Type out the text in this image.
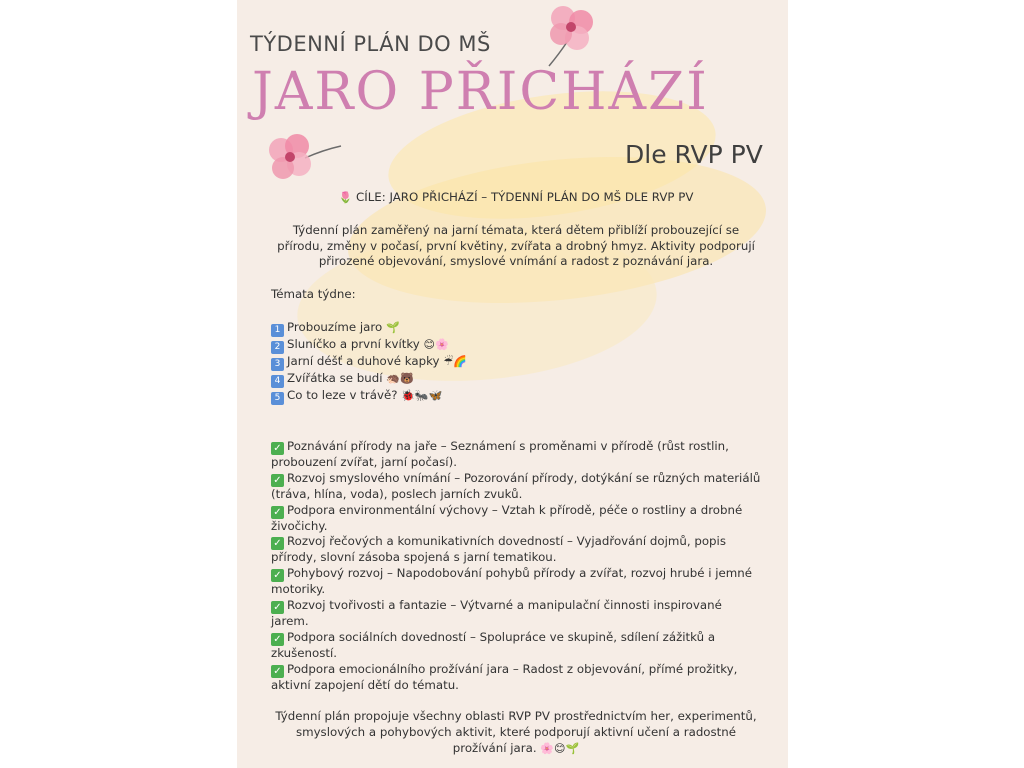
TÝDENNÍ PLÁN DO MŠ
JARO PŘICHÁZÍ
Dle RVP PV
🌷 CÍLE: JARO PŘICHÁZÍ – TÝDENNÍ PLÁN DO MŠ DLE RVP PV
Týdenní plán zaměřený na jarní témata, která dětem přiblíží probouzející se přírodu, změny v počasí, první květiny, zvířata a drobný hmyz. Aktivity podporují přirozené objevování, smyslové vnímání a radost z poznávání jara.
Témata týdne:
1 Probouzíme jaro 🌱
2 Sluníčko a první kvítky 😊🌸
3 Jarní déšť a duhové kapky ☔🌈
4 Zvířátka se budí 🦔🐻
5 Co to leze v trávě? 🐞🐜🦋

✓ Poznávání přírody na jaře – Seznámení s proměnami v přírodě (růst rostlin, probouzení zvířat, jarní počasí).

✓ Rozvoj smyslového vnímání – Pozorování přírody, dotýkání se různých materiálů (tráva, hlína, voda), poslech jarních zvuků.

✓ Podpora environmentální výchovy – Vztah k přírodě, péče o rostliny a drobné živočichy.

✓ Rozvoj řečových a komunikativních dovedností – Vyjadřování dojmů, popis přírody, slovní zásoba spojená s jarní tematikou.

✓ Pohybový rozvoj – Napodobování pohybů přírody a zvířat, rozvoj hrubé i jemné motoriky.

✓ Rozvoj tvořivosti a fantazie – Výtvarné a manipulační činnosti inspirované jarem.

✓ Podpora sociálních dovedností – Spolupráce ve skupině, sdílení zážitků a zkušeností.

✓ Podpora emocionálního prožívání jara – Radost z objevování, přímé prožitky, aktivní zapojení dětí do tématu.

Týdenní plán propojuje všechny oblasti RVP PV prostřednictvím her, experimentů, smyslových a pohybových aktivit, které podporují aktivní učení a radostné prožívání jara. 🌸😊🌱
